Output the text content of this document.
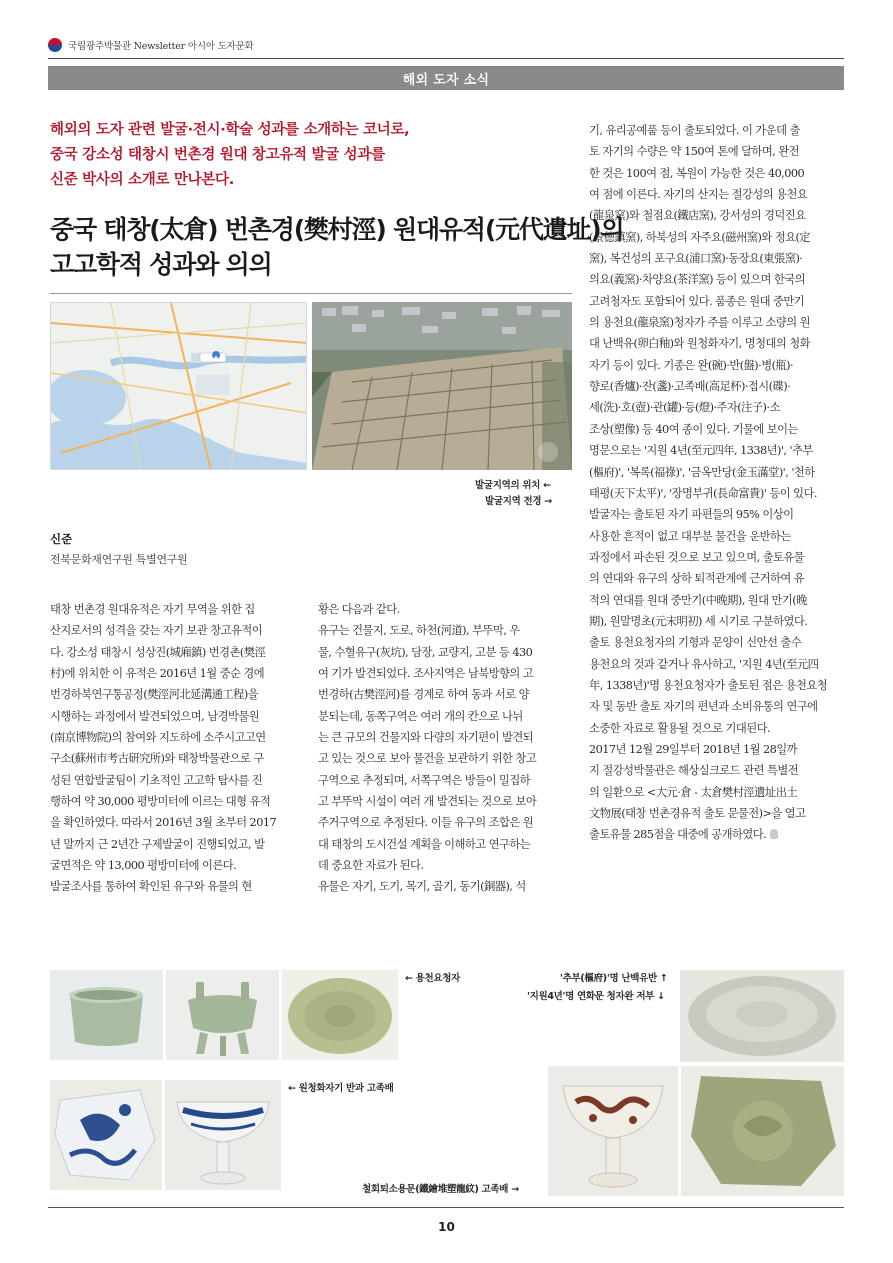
국립광주박물관 Newsletter 아시아 도자문화
해외 도자 소식
해외의 도자 관련 발굴·전시·학술 성과를 소개하는 코너로,
중국 강소성 태창시 번촌경 원대 창고유적 발굴 성과를
신준 박사의 소개로 만나본다.
중국 태창(太倉) 번촌경(樊村涇) 원대유적(元代遺址)의
고고학적 성과와 의의
발굴지역의 위치 ←
발굴지역 전경 →
신준
전북문화재연구원 특별연구원
태창 번촌경 원대유적은 자기 무역을 위한 집
산지로서의 성격을 갖는 자기 보관 창고유적이
다. 강소성 태창시 성상진(城廂鎮) 번경촌(樊涇
村)에 위치한 이 유적은 2016년 1월 중순 경에
번경하북연구통공정(樊涇河北延溝通工程)을
시행하는 과정에서 발견되었으며, 남경박물원
(南京博物院)의 참여와 지도하에 소주시고고연
구소(蘇州市考古研究所)와 태창박물관으로 구
성된 연합발굴팀이 기초적인 고고학 탐사를 진
행하여 약 30,000 평방미터에 이르는 대형 유적
을 확인하였다. 따라서 2016년 3월 초부터 2017
년 말까지 근 2년간 구제발굴이 진행되었고, 발
굴면적은 약 13,000 평방미터에 이른다.
발굴조사를 통하여 확인된 유구와 유물의 현
황은 다음과 같다.
유구는 건물지, 도로, 하천(河道), 부뚜막, 우
물, 수혈유구(灰坑), 담장, 교량지, 고분 등 430
여 기가 발견되었다. 조사지역은 남북방향의 고
번경하(古樊涇河)를 경계로 하여 동과 서로 양
분되는데, 동쪽구역은 여러 개의 칸으로 나뉘
는 큰 규모의 건물지와 다량의 자기편이 발견되
고 있는 것으로 보아 물건을 보관하기 위한 창고
구역으로 추정되며, 서쪽구역은 방들이 밀집하
고 부뚜막 시설이 여러 개 발견되는 것으로 보아
주거구역으로 추정된다. 이들 유구의 조합은 원
대 태창의 도시건설 계획을 이해하고 연구하는
데 중요한 자료가 된다.
유물은 자기, 도기, 목기, 골기, 동기(銅器), 석
기, 유리공예품 등이 출토되었다. 이 가운데 출
토 자기의 수량은 약 150여 톤에 달하며, 완전
한 것은 100여 점, 복원이 가능한 것은 40,000
여 점에 이른다. 자기의 산지는 절강성의 용천요
(龍泉窯)와 철점요(鐵店窯), 강서성의 경덕진요
(景德鎮窯), 하북성의 자주요(磁州窯)와 정요(定
窯), 복건성의 포구요(浦口窯)·동장요(東張窯)·
의요(義窯)·차양요(茶洋窯) 등이 있으며 한국의
고려청자도 포함되어 있다. 품종은 원대 중만기
의 용천요(龍泉窯)청자가 주를 이루고 소량의 원
대 난백유(卵白釉)와 원청화자기, 명청대의 청화
자기 등이 있다. 기종은 완(碗)·반(盤)·병(瓶)·
향로(香爐)·잔(盞)·고족배(高足杯)·접시(碟)·
세(洗)·호(壺)·관(罐)·등(燈)·주자(注子)·소
조상(塑像) 등 40여 종이 있다. 기물에 보이는
명문으로는 '지원 4년(至元四年, 1338년)', '추부
(樞府)', '복록(福祿)', '금옥만당(金玉滿堂)', '천하
태평(天下太平)', '장명부귀(長命富貴)' 등이 있다.
발굴자는 출토된 자기 파편들의 95% 이상이
사용한 흔적이 없고 대부분 물건을 운반하는
과정에서 파손된 것으로 보고 있으며, 출토유물
의 연대와 유구의 상하 퇴적관계에 근거하여 유
적의 연대를 원대 중만기(中晚期), 원대 만기(晚
期), 원말명초(元末明初) 세 시기로 구분하였다.
출토 용천요청자의 기형과 문양이 신안선 출수
용천요의 것과 같거나 유사하고, '지원 4년(至元四
年, 1338년)'명 용천요청자가 출토된 점은 용천요청
자 및 동반 출토 자기의 편년과 소비유통의 연구에
소중한 자료로 활용될 것으로 기대된다.
2017년 12월 29일부터 2018년 1월 28일까
지 절강성박물관은 해상실크로드 관련 특별전
의 일환으로 <大元·倉 - 太倉樊村涇遺址出土
文物展(태창 번촌경유적 출토 문물전)>을 열고
출토유물 285점을 대중에 공개하였다.
← 용천요청자	'추부(樞府)'명 난백유반 ↑
'지원4년'명 연화문 청자완 저부 ↓
← 원청화자기 반과 고족배
철회퇴소용문(鐵繪堆塑龍紋) 고족배 →
10
